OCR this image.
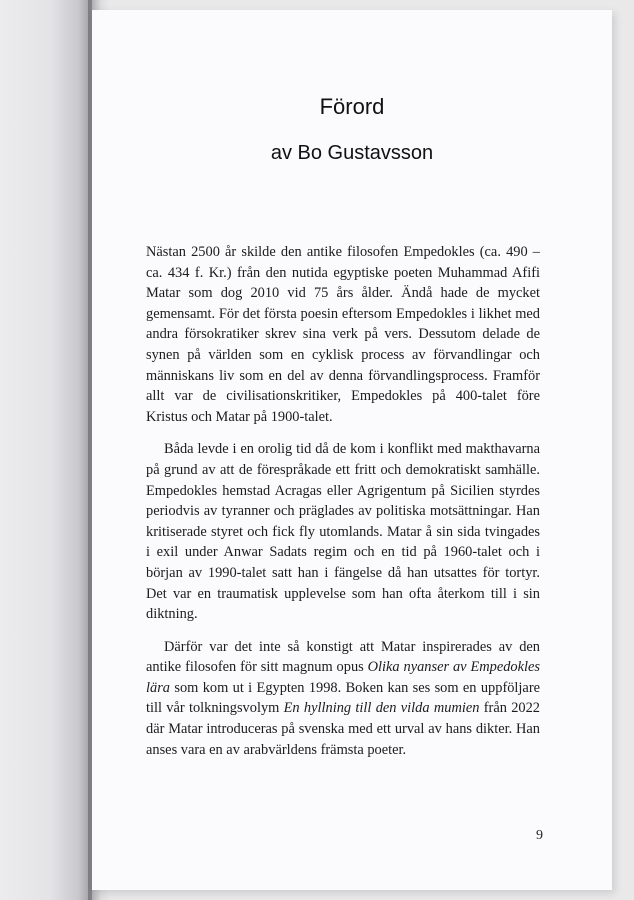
Förord
av Bo Gustavsson

Nästan 2500 år skilde den antike filosofen Empedokles (ca. 490 – ca. 434 f. Kr.) från den nutida egyptiske poeten Muhammad Afifi Matar som dog 2010 vid 75 års ålder. Ändå hade de mycket gemensamt. För det första poesin eftersom Empedokles i likhet med andra försokratiker skrev sina verk på vers. Dessutom delade de synen på världen som en cyklisk process av förvandlingar och människans liv som en del av denna förvandlingsprocess. Framför allt var de civilisationskritiker, Empedokles på 400-talet före Kristus och Matar på 1900-talet.

Båda levde i en orolig tid då de kom i konflikt med makthavarna på grund av att de förespråkade ett fritt och demokratiskt samhälle. Empedokles hemstad Acragas eller Agrigentum på Sicilien styrdes periodvis av tyranner och präglades av politiska motsättningar. Han kritiserade styret och fick fly utomlands. Matar å sin sida tvingades i exil under Anwar Sadats regim och en tid på 1960-talet och i början av 1990-talet satt han i fängelse då han utsattes för tortyr. Det var en traumatisk upplevelse som han ofta återkom till i sin diktning.

Därför var det inte så konstigt att Matar inspirerades av den antike filosofen för sitt magnum opus Olika nyanser av Empedokles lära som kom ut i Egypten 1998. Boken kan ses som en uppföljare till vår tolkningsvolym En hyllning till den vilda mumien från 2022 där Matar introduceras på svenska med ett urval av hans dikter. Han anses vara en av arabvärldens främsta poeter.

9
